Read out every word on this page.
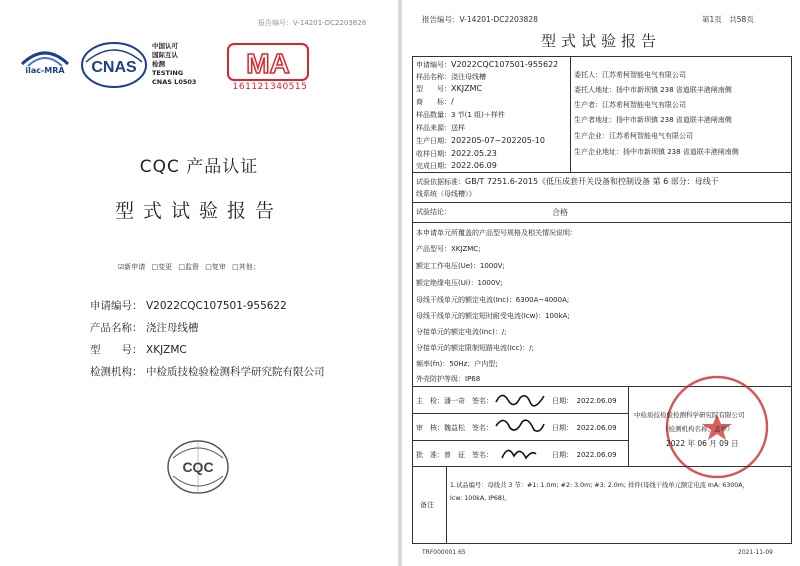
报告编号：V-14201-DC2203828
ilac-MRA	CNAS
中国认可
国际互认
检测
TESTING
CNAS L0503
MA
161121340515
CQC 产品认证
型式试验报告
☑新申请 □变更 □监督 □复审 □其他：
申请编号： V2022CQC107501-955622
产品名称： 浇注母线槽
型　　号： XKJZMC
检测机构： 中检质技检验检测科学研究院有限公司
CQC
报告编号：V-14201-DC2203828	第1页　共58页
型式试验报告
申请编号：V2022CQC107501-955622
样品名称：浇注母线槽
型　　号：XKJZMC
商　　标：/
样品数量：3 节(1 组)＋样件
样品来源：送样
生产日期：202205-07~202205-10
收样日期：2022.05.23
完成日期：2022.06.09
委托人：江苏希柯智能电气有限公司
委托人地址：扬中市新坝镇 238 省道联丰港闸南侧
生产者：江苏希柯智能电气有限公司
生产者地址：扬中市新坝镇 238 省道联丰港闸南侧
生产企业：江苏希柯智能电气有限公司
生产企业地址：扬中市新坝镇 238 省道联丰港闸南侧
试验依据标准：GB/T 7251.6-2015《低压成套开关设备和控制设备 第 6 部分：母线干
线系统（母线槽）》
试验结论：	合格
本申请单元所覆盖的产品型号规格及相关情况说明：
产品型号：XKJZMC;
额定工作电压(Ue)：1000V;
额定绝缘电压(Ui)：1000V;
母线干线单元的额定电流(Inc)：6300A~4000A;
母线干线单元的额定短时耐受电流(Icw)：100kA;
分接单元的额定电流(Inc)：/;
分接单元的额定限制短路电流(Icc)：/;
频率(fn)：50Hz；户内型;
外壳防护等级：IP68
主　检：潘一奇　签名：	日期：　2022.06.09
审　核：魏益松　签名：	日期：　2022.06.09
批　准：曾　征　签名：	日期：　2022.06.09
中检质技检验检测科学研究院有限公司
（检测机构名称、盖章）
2022 年 06 月 09 日
备注
1.试品编号：母线共 3 节：#1: 1.0m; #2: 3.0m; #3: 2.0m; 样件(母线干线单元额定电流 InA: 6300A，
Icw: 100kA, IP68)。
TRF000001.65	2021-11-09
